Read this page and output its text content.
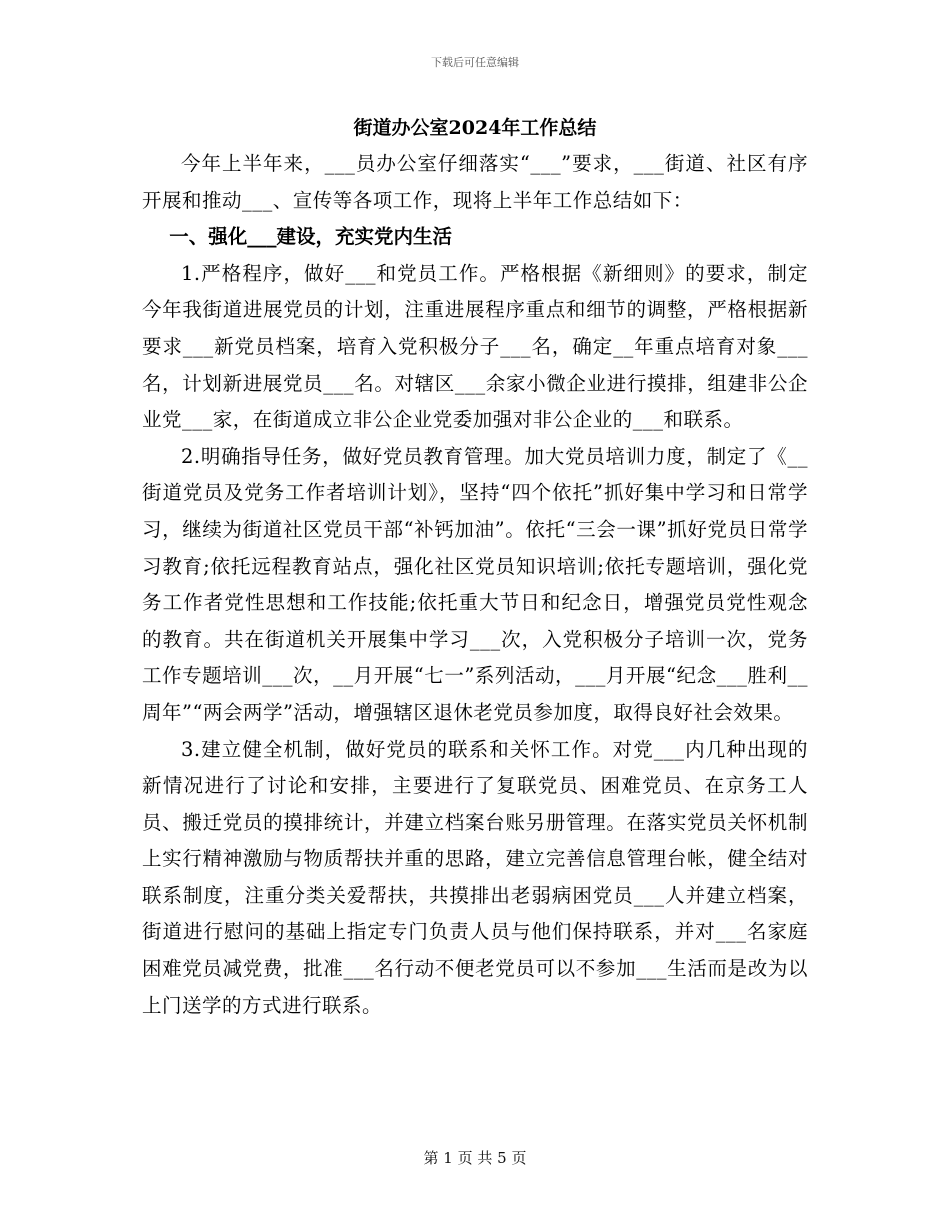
下载后可任意编辑
街道办公室2024年工作总结

今年上半年来，___员办公室仔细落实“___”要求，___街道、社区有序开展和推动___、宣传等各项工作，现将上半年工作总结如下：

一、强化___建设，充实党内生活

1.严格程序，做好___和党员工作。严格根据《新细则》的要求，制定今年我街道进展党员的计划，注重进展程序重点和细节的调整，严格根据新要求___新党员档案，培育入党积极分子___名，确定__年重点培育对象___名，计划新进展党员___名。对辖区___余家小微企业进行摸排，组建非公企业党___家，在街道成立非公企业党委加强对非公企业的___和联系。

2.明确指导任务，做好党员教育管理。加大党员培训力度，制定了《__街道党员及党务工作者培训计划》，坚持“四个依托”抓好集中学习和日常学习，继续为街道社区党员干部“补钙加油”。依托“三会一课”抓好党员日常学习教育;依托远程教育站点，强化社区党员知识培训;依托专题培训，强化党务工作者党性思想和工作技能;依托重大节日和纪念日，增强党员党性观念的教育。共在街道机关开展集中学习___次，入党积极分子培训一次，党务工作专题培训___次，__月开展“七一”系列活动，___月开展“纪念___胜利__周年”“两会两学”活动，增强辖区退休老党员参加度，取得良好社会效果。

3.建立健全机制，做好党员的联系和关怀工作。对党___内几种出现的新情况进行了讨论和安排，主要进行了复联党员、困难党员、在京务工人员、搬迁党员的摸排统计，并建立档案台账另册管理。在落实党员关怀机制上实行精神激励与物质帮扶并重的思路，建立完善信息管理台帐，健全结对联系制度，注重分类关爱帮扶，共摸排出老弱病困党员___人并建立档案，街道进行慰问的基础上指定专门负责人员与他们保持联系，并对___名家庭困难党员减党费，批准___名行动不便老党员可以不参加___生活而是改为以上门送学的方式进行联系。

第 1 页 共 5 页
